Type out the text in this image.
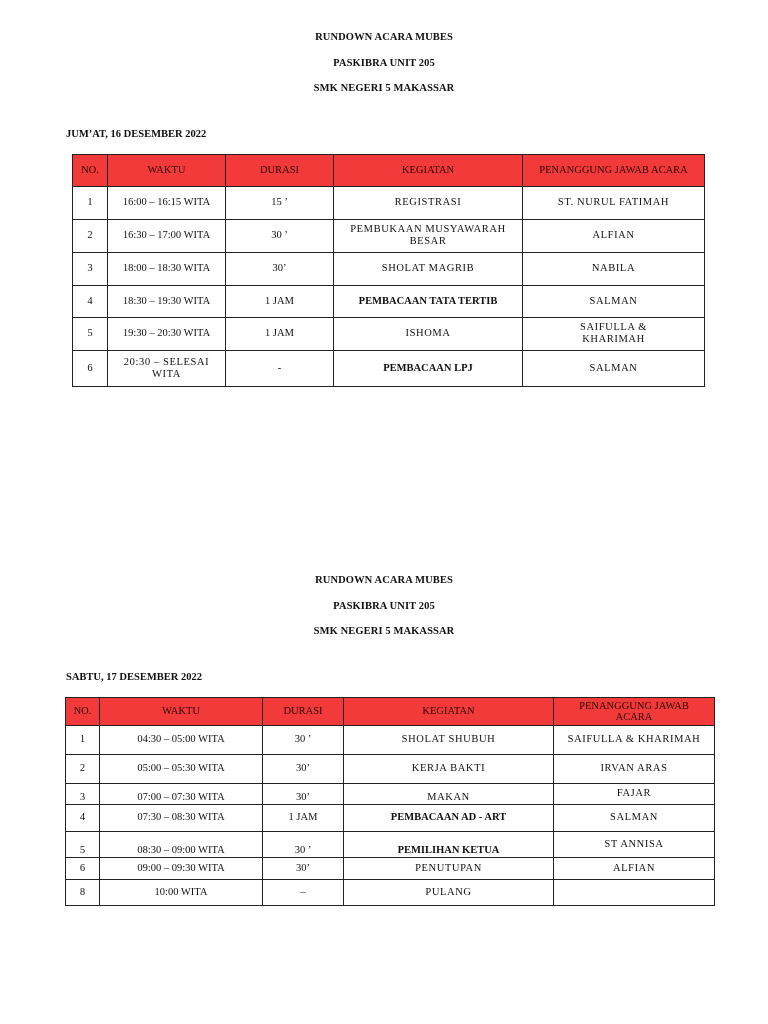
RUNDOWN ACARA MUBES
PASKIBRA UNIT 205
SMK NEGERI 5 MAKASSAR
JUM’AT, 16 DESEMBER 2022
NO.	WAKTU	DURASI	KEGIATAN	PENANGGUNG JAWAB ACARA
1	16:00 – 16:15 WITA	15 ’	REGISTRASI	ST. NURUL FATIMAH
2	16:30 – 17:00 WITA	30 ’	PEMBUKAAN MUSYAWARAH BESAR	ALFIAN
3	18:00 – 18:30 WITA	30’	SHOLAT MAGRIB	NABILA
4	18:30 – 19:30 WITA	1 JAM	PEMBACAAN TATA TERTIB	SALMAN
5	19:30 – 20:30 WITA	1 JAM	ISHOMA	SAIFULLA & KHARIMAH
6	20:30 – SELESAI WITA	-	PEMBACAAN LPJ	SALMAN
RUNDOWN ACARA MUBES
PASKIBRA UNIT 205
SMK NEGERI 5 MAKASSAR
SABTU, 17 DESEMBER 2022
NO.	WAKTU	DURASI	KEGIATAN	PENANGGUNG JAWAB ACARA
1	04:30 – 05:00 WITA	30 ’	SHOLAT SHUBUH	SAIFULLA & KHARIMAH
2	05:00 – 05:30 WITA	30’	KERJA BAKTI	IRVAN ARAS
3	07:00 – 07:30 WITA	30’	MAKAN	FAJAR
4	07:30 – 08:30 WITA	1 JAM	PEMBACAAN AD - ART	SALMAN
5	08:30 – 09:00 WITA	30 ’	PEMILIHAN KETUA	ST ANNISA
6	09:00 – 09:30 WITA	30’	PENUTUPAN	ALFIAN
8	10:00 WITA	–	PULANG	
